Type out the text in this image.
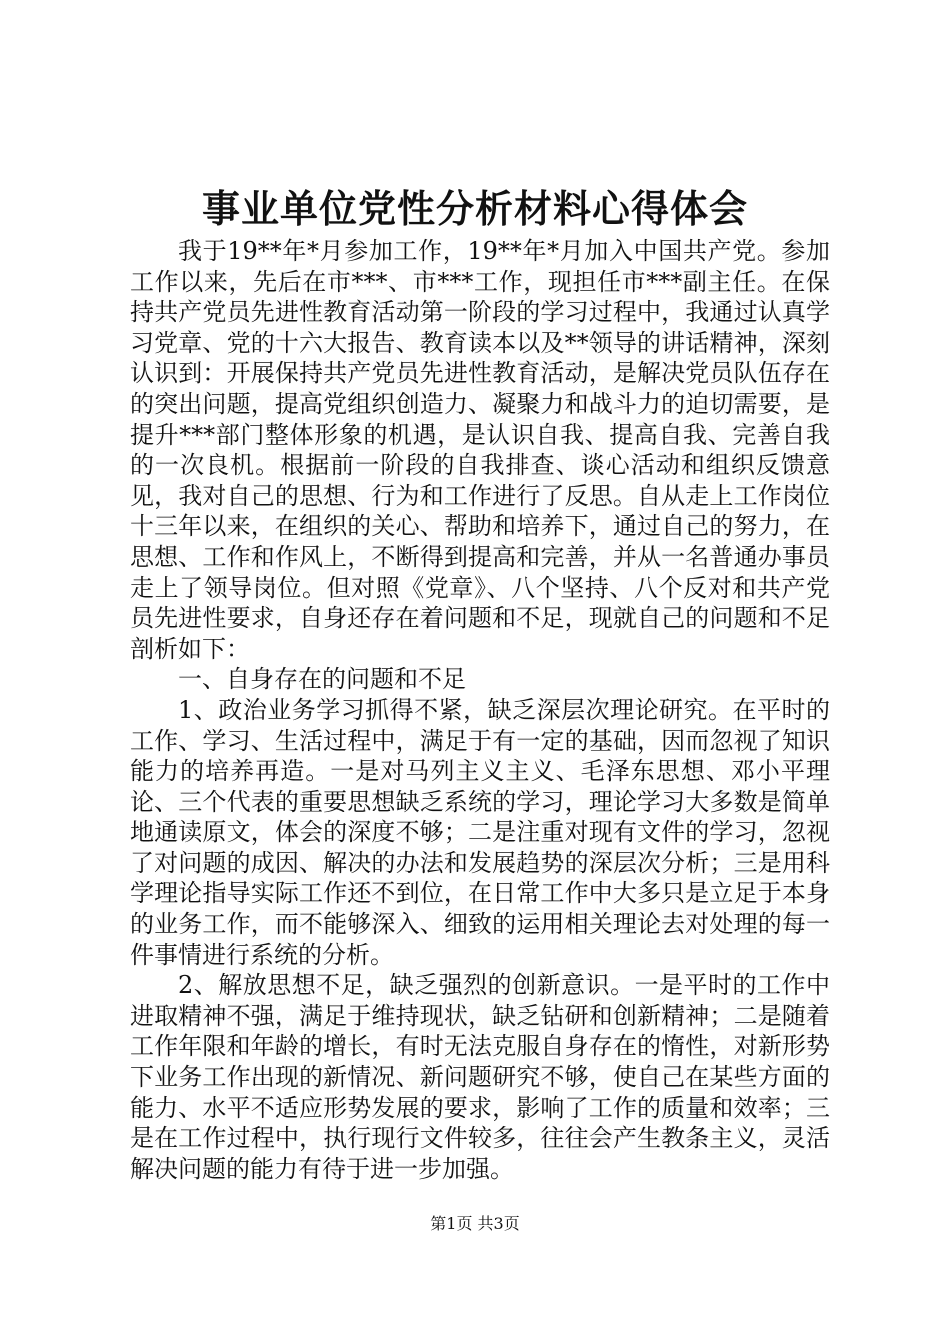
事业单位党性分析材料心得体会

我于19**年*月参加工作，19**年*月加入中国共产党。参加工作以来，先后在市***、市***工作，现担任市***副主任。在保持共产党员先进性教育活动第一阶段的学习过程中，我通过认真学习党章、党的十六大报告、教育读本以及**领导的讲话精神，深刻认识到：开展保持共产党员先进性教育活动，是解决党员队伍存在的突出问题，提高党组织创造力、凝聚力和战斗力的迫切需要，是提升***部门整体形象的机遇，是认识自我、提高自我、完善自我的一次良机。根据前一阶段的自我排查、谈心活动和组织反馈意见，我对自己的思想、行为和工作进行了反思。自从走上工作岗位十三年以来，在组织的关心、帮助和培养下，通过自己的努力，在思想、工作和作风上，不断得到提高和完善，并从一名普通办事员走上了领导岗位。但对照《党章》、八个坚持、八个反对和共产党员先进性要求，自身还存在着问题和不足，现就自己的问题和不足剖析如下：

一、自身存在的问题和不足

1、政治业务学习抓得不紧，缺乏深层次理论研究。在平时的工作、学习、生活过程中，满足于有一定的基础，因而忽视了知识能力的培养再造。一是对马列主义主义、毛泽东思想、邓小平理论、三个代表的重要思想缺乏系统的学习，理论学习大多数是简单地通读原文，体会的深度不够；二是注重对现有文件的学习，忽视了对问题的成因、解决的办法和发展趋势的深层次分析；三是用科学理论指导实际工作还不到位，在日常工作中大多只是立足于本身的业务工作，而不能够深入、细致的运用相关理论去对处理的每一件事情进行系统的分析。

2、解放思想不足，缺乏强烈的创新意识。一是平时的工作中进取精神不强，满足于维持现状，缺乏钻研和创新精神；二是随着工作年限和年龄的增长，有时无法克服自身存在的惰性，对新形势下业务工作出现的新情况、新问题研究不够，使自己在某些方面的能力、水平不适应形势发展的要求，影响了工作的质量和效率；三是在工作过程中，执行现行文件较多，往往会产生教条主义，灵活解决问题的能力有待于进一步加强。

第1页 共3页
